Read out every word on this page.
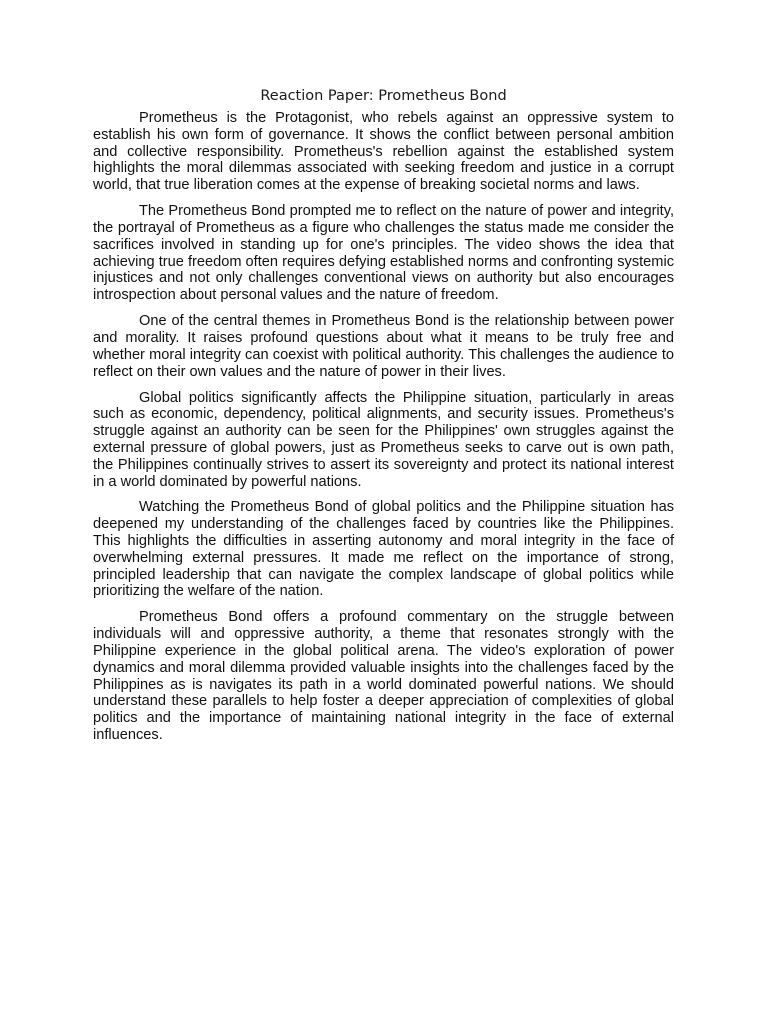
Reaction Paper: Prometheus Bond

Prometheus is the Protagonist, who rebels against an oppressive system to establish his own form of governance. It shows the conflict between personal ambition and collective responsibility. Prometheus's rebellion against the established system highlights the moral dilemmas associated with seeking freedom and justice in a corrupt world, that true liberation comes at the expense of breaking societal norms and laws.

The Prometheus Bond prompted me to reflect on the nature of power and integrity, the portrayal of Prometheus as a figure who challenges the status made me consider the sacrifices involved in standing up for one's principles. The video shows the idea that achieving true freedom often requires defying established norms and confronting systemic injustices and not only challenges conventional views on authority but also encourages introspection about personal values and the nature of freedom.

One of the central themes in Prometheus Bond is the relationship between power and morality. It raises profound questions about what it means to be truly free and whether moral integrity can coexist with political authority. This challenges the audience to reflect on their own values and the nature of power in their lives.

Global politics significantly affects the Philippine situation, particularly in areas such as economic, dependency, political alignments, and security issues. Prometheus's struggle against an authority can be seen for the Philippines' own struggles against the external pressure of global powers, just as Prometheus seeks to carve out is own path, the Philippines continually strives to assert its sovereignty and protect its national interest in a world dominated by powerful nations.

Watching the Prometheus Bond of global politics and the Philippine situation has deepened my understanding of the challenges faced by countries like the Philippines. This highlights the difficulties in asserting autonomy and moral integrity in the face of overwhelming external pressures. It made me reflect on the importance of strong, principled leadership that can navigate the complex landscape of global politics while prioritizing the welfare of the nation.

Prometheus Bond offers a profound commentary on the struggle between individuals will and oppressive authority, a theme that resonates strongly with the Philippine experience in the global political arena. The video's exploration of power dynamics and moral dilemma provided valuable insights into the challenges faced by the Philippines as is navigates its path in a world dominated powerful nations. We should understand these parallels to help foster a deeper appreciation of complexities of global politics and the importance of maintaining national integrity in the face of external influences.
